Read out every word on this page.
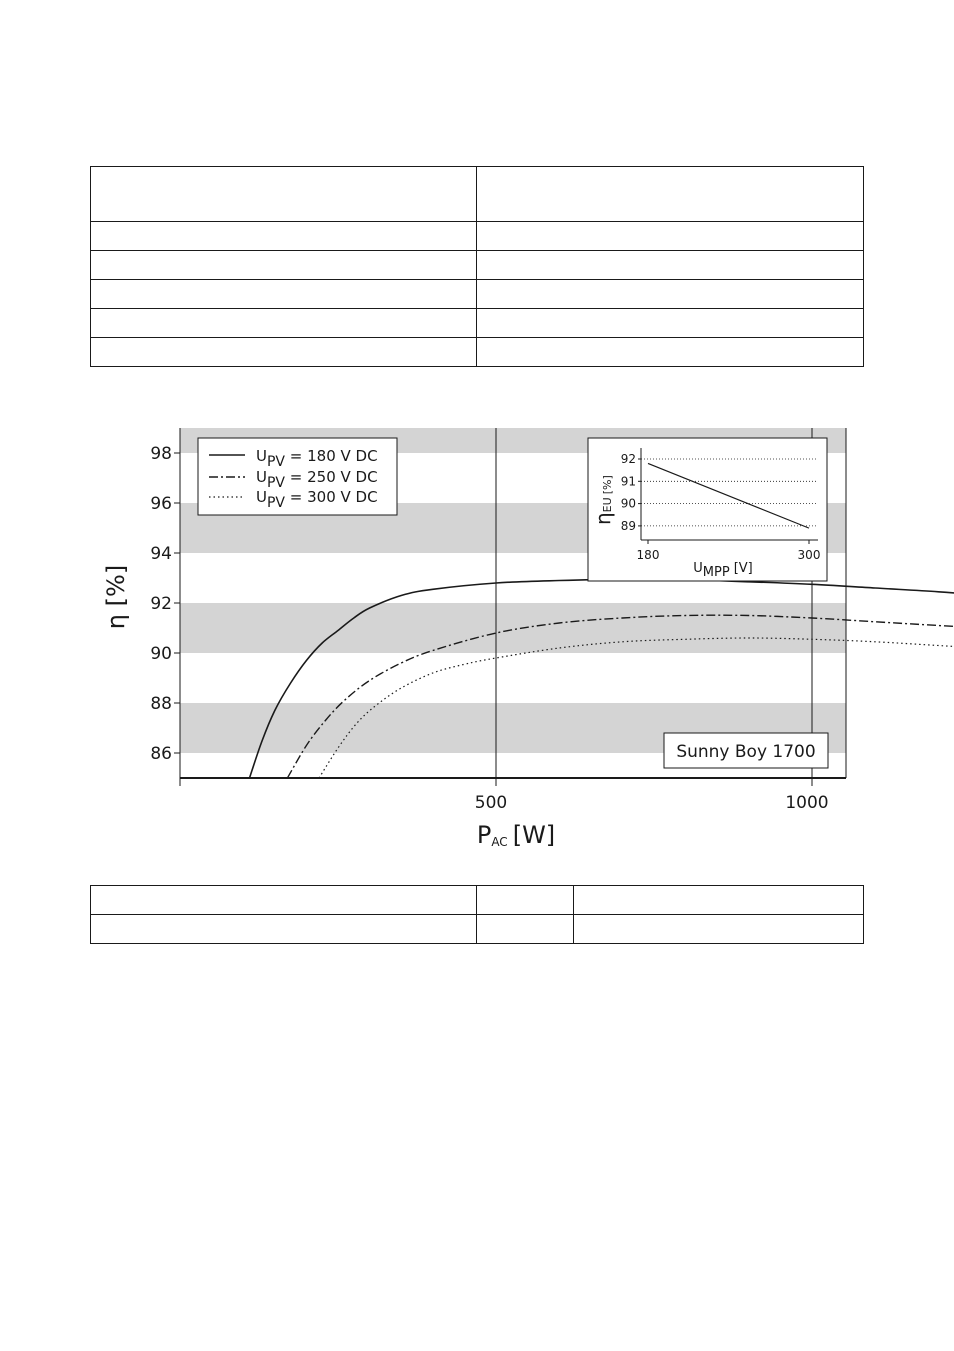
86
88
90
92
94
96
98
500	1000
η [%]
PAC [W]
UPV = 180 V DC
UPV = 250 V DC
UPV = 300 V DC
Sunny Boy 1700
89
90
91
92
180	300
ηEU[%]
UMPP [V]
